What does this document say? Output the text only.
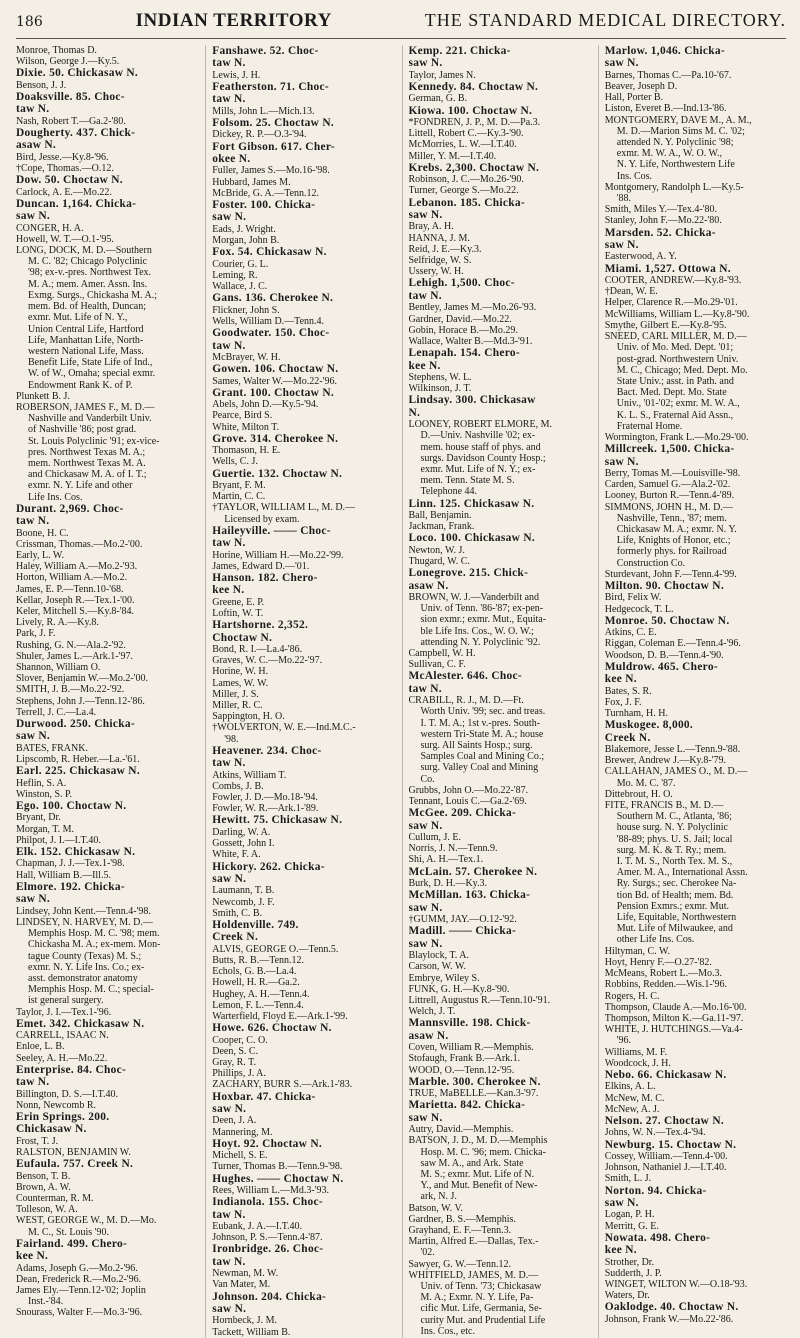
186	INDIAN TERRITORY	THE STANDARD MEDICAL DIRECTORY.
Monroe, Thomas D.
Wilson, George J.—Ky.5.
Dixie. 50. Chickasaw N.
Benson, J. J.
Doaksville. 85. Choc-
taw N.
Nash, Robert T.—Ga.2-'80.
Dougherty. 437. Chick-
asaw N.
Bird, Jesse.—Ky.8-'96.
†Cope, Thomas.—O.12.
Dow. 50. Choctaw N.
Carlock, A. E.—Mo.22.
Duncan. 1,164. Chicka-
saw N.
CONGER, H. A.
Howell, W. T.—O.1-'95.
LONG, DOCK, M. D.—Southern
M. C. '82; Chicago Polyclinic
'98; ex-v.-pres. Northwest Tex.
M. A.; mem. Amer. Assn. Ins.
Exmg. Surgs., Chickasha M. A.;
mem. Bd. of Health, Duncan;
exmr. Mut. Life of N. Y.,
Union Central Life, Hartford
Life, Manhattan Life, North-
western National Life, Mass.
Benefit Life, State Life of Ind.,
W. of W., Omaha; special exmr.
Endowment Rank K. of P.
Plunkett B. J.
ROBERSON, JAMES F., M. D.—
Nashville and Vanderbilt Univ.
of Nashville '86; post grad.
St. Louis Polyclinic '91; ex-vice-
pres. Northwest Texas M. A.;
mem. Northwest Texas M. A.
and Chickasaw M. A. of I. T.;
exmr. N. Y. Life and other
Life Ins. Cos.
Durant. 2,969. Choc-
taw N.
Boone, H. C.
Crissman, Thomas.—Mo.2-'00.
Early, L. W.
Haley, William A.—Mo.2-'93.
Horton, William A.—Mo.2.
James, E. P.—Tenn.10-'68.
Kellar, Joseph R.—Tex.1-'00.
Keler, Mitchell S.—Ky.8-'84.
Lively, R. A.—Ky.8.
Park, J. F.
Rushing, G. N.—Ala.2-'92.
Shuler, James L.—Ark.1-'97.
Shannon, William O.
Slover, Benjamin W.—Mo.2-'00.
SMITH, J. B.—Mo.22-'92.
Stephens, John J.—Tenn.12-'86.
Terrell, J. C.—La.4.
Durwood. 250. Chicka-
saw N.
BATES, FRANK.
Lipscomb, R. Heber.—La.-'61.
Earl. 225. Chickasaw N.
Heflin, S. A.
Winston, S. P.
Ego. 100. Choctaw N.
Bryant, Dr.
Morgan, T. M.
Philpot, J. I.—I.T.40.
Elk. 152. Chickasaw N.
Chapman, J. J.—Tex.1-'98.
Hall, William B.—Ill.5.
Elmore. 192. Chicka-
saw N.
Lindsey, John Kent.—Tenn.4-'98.
LINDSEY, N. HARVEY, M. D.—
Memphis Hosp. M. C. '98; mem.
Chickasha M. A.; ex-mem. Mon-
tague County (Texas) M. S.;
exmr. N. Y. Life Ins. Co.; ex-
asst. demonstrator anatomy
Memphis Hosp. M. C.; special-
ist general surgery.
Taylor, J. I.—Tex.1-'96.
Emet. 342. Chickasaw N.
CARRELL, ISAAC N.
Enloe, L. B.
Seeley, A. H.—Mo.22.
Enterprise. 84. Choc-
taw N.
Billington, D. S.—I.T.40.
Nonn, Newcomb R.
Erin Springs. 200.
Chickasaw N.
Frost, T. J.
RALSTON, BENJAMIN W.
Eufaula. 757. Creek N.
Benson, T. B.
Brown, A. W.
Counterman, R. M.
Tolleson, W. A.
WEST, GEORGE W., M. D.—Mo.
M. C., St. Louis '90.
Fairland. 499. Chero-
kee N.
Adams, Joseph G.—Mo.2-'96.
Dean, Frederick R.—Mo.2-'96.
James Ely.—Tenn.12-'02; Joplin
Inst.-'84.
Snourass, Walter F.—Mo.3-'96.
Fanshawe. 52. Choc-
taw N.
Lewis, J. H.
Featherston. 71. Choc-
taw N.
Mills, John L.—Mich.13.
Folsom. 25. Choctaw N.
Dickey, R. P.—O.3-'94.
Fort Gibson. 617. Cher-
okee N.
Fuller, James S.—Mo.16-'98.
Hubbard, James M.
McBride, G. A.—Tenn.12.
Foster. 100. Chicka-
saw N.
Eads, J. Wright.
Morgan, John B.
Fox. 54. Chickasaw N.
Courier, G. L.
Leming, R.
Wallace, J. C.
Gans. 136. Cherokee N.
Flickner, John S.
Wells, William D.—Tenn.4.
Goodwater. 150. Choc-
taw N.
McBrayer, W. H.
Gowen. 106. Choctaw N.
Sames, Walter W.—Mo.22-'96.
Grant. 100. Choctaw N.
Abels, John D.—Ky.5-'94.
Pearce, Bird S.
White, Milton T.
Grove. 314. Cherokee N.
Thomason, H. E.
Wells, C. J.
Guertie. 132. Choctaw N.
Bryant, F. M.
Martin, C. C.
†TAYLOR, WILLIAM L., M. D.—
Licensed by exam.
Haileyville. —— Choc-
taw N.
Horine, William H.—Mo.22-'99.
James, Edward D.—'01.
Hanson. 182. Chero-
kee N.
Greene, E. P.
Loftin, W. T.
Hartshorne. 2,352.
Choctaw N.
Bond, R. I.—La.4-'86.
Graves, W. C.—Mo.22-'97.
Horine, W. H.
Lames, W. W.
Miller, J. S.
Miller, R. C.
Sappington, H. O.
†WOLVERTON, W. E.—Ind.M.C.-
'98.
Heavener. 234. Choc-
taw N.
Atkins, William T.
Combs, J. B.
Fowler, J. D.—Mo.18-'94.
Fowler, W. R.—Ark.1-'89.
Hewitt. 75. Chickasaw N.
Darling, W. A.
Gossett, John I.
White, F. A.
Hickory. 262. Chicka-
saw N.
Laumann, T. B.
Newcomb, J. F.
Smith, C. B.
Holdenville. 749.
Creek N.
ALVIS, GEORGE O.—Tenn.5.
Butts, R. B.—Tenn.12.
Echols, G. B.—La.4.
Howell, H. R.—Ga.2.
Hughey, A. H.—Tenn.4.
Lemon, F. L.—Tenn.4.
Warterfield, Floyd E.—Ark.1-'99.
Howe. 626. Choctaw N.
Cooper, C. O.
Deen, S. C.
Gray, R. T.
Phillips, J. A.
ZACHARY, BURR S.—Ark.1-'83.
Hoxbar. 47. Chicka-
saw N.
Deen, J. A.
Mannering, M.
Hoyt. 92. Choctaw N.
Michell, S. E.
Turner, Thomas B.—Tenn.9-'98.
Hughes. —— Choctaw N.
Rees, William L.—Md.3-'93.
Indianola. 155. Choc-
taw N.
Eubank, J. A.—I.T.40.
Johnson, P. S.—Tenn.4-'87.
Ironbridge. 26. Choc-
taw N.
Newman, M. W.
Van Mater, M.
Johnson. 204. Chicka-
saw N.
Hornbeck, J. M.
Tackett, William B.
Kemp. 221. Chicka-
saw N.
Taylor, James N.
Kennedy. 84. Choctaw N.
German, G. B.
Kiowa. 100. Choctaw N.
*FONDREN, J. P., M. D.—Pa.3.
Littell, Robert C.—Ky.3-'90.
McMorries, L. W.—I.T.40.
Miller, Y. M.—I.T.40.
Krebs. 2,300. Choctaw N.
Robinson, J. C.—Mo.26-'90.
Turner, George S.—Mo.22.
Lebanon. 185. Chicka-
saw N.
Bray, A. H.
HANNA, J. M.
Reid, J. E.—Ky.3.
Selfridge, W. S.
Ussery, W. H.
Lehigh. 1,500. Choc-
taw N.
Bentley, James M.—Mo.26-'93.
Gardner, David.—Mo.22.
Gobin, Horace B.—Mo.29.
Wallace, Walter B.—Md.3-'91.
Lenapah. 154. Chero-
kee N.
Stephens, W. L.
Wilkinson, J. T.
Lindsay. 300. Chickasaw
N.
LOONEY, ROBERT ELMORE, M.
D.—Univ. Nashville '02; ex-
mem. house staff of phys. and
surgs. Davidson County Hosp.;
exmr. Mut. Life of N. Y.; ex-
mem. Tenn. State M. S.
Telephone 44.
Linn. 125. Chickasaw N.
Ball, Benjamin.
Jackman, Frank.
Loco. 100. Chickasaw N.
Newton, W. J.
Thugard, W. C.
Lonegrove. 215. Chick-
asaw N.
BROWN, W. J.—Vanderbilt and
Univ. of Tenn. '86-'87; ex-pen-
sion exmr.; exmr. Mut., Equita-
ble Life Ins. Cos., W. O. W.;
attending N. Y. Polyclinic '92.
Campbell, W. H.
Sullivan, C. F.
McAlester. 646. Choc-
taw N.
CRABILL, R. J., M. D.—Ft.
Worth Univ. '99; sec. and treas.
I. T. M. A.; 1st v.-pres. South-
western Tri-State M. A.; house
surg. All Saints Hosp.; surg.
Samples Coal and Mining Co.;
surg. Valley Coal and Mining
Co.
Grubbs, John O.—Mo.22-'87.
Tennant, Louis C.—Ga.2-'69.
McGee. 209. Chicka-
saw N.
Cullum, J. E.
Norris, J. N.—Tenn.9.
Shi, A. H.—Tex.1.
McLain. 57. Cherokee N.
Burk, D. H.—Ky.3.
McMillan. 163. Chicka-
saw N.
†GUMM, JAY.—O.12-'92.
Madill. —— Chicka-
saw N.
Blaylock, T. A.
Carson, W. W.
Embrye, Wiley S.
FUNK, G. H.—Ky.8-'90.
Littrell, Augustus R.—Tenn.10-'91.
Welch, J. T.
Mannsville. 198. Chick-
asaw N.
Coven, William R.—Memphis.
Stofaugh, Frank B.—Ark.1.
WOOD, O.—Tenn.12-'95.
Marble. 300. Cherokee N.
TRUE, MaBELLE.—Kan.3-'97.
Marietta. 842. Chicka-
saw N.
Autry, David.—Memphis.
BATSON, J. D., M. D.—Memphis
Hosp. M. C. '96; mem. Chicka-
saw M. A., and Ark. State
M. S.; exmr. Mut. Life of N.
Y., and Mut. Benefit of New-
ark, N. J.
Batson, W. V.
Gardner, B. S.—Memphis.
Grayhand, E. F.—Tenn.3.
Martin, Alfred E.—Dallas, Tex.-
'02.
Sawyer, G. W.—Tenn.12.
WHITFIELD, JAMES, M. D.—
Univ. of Tenn. '73; Chickasaw
M. A.; Exmr. N. Y. Life, Pa-
cific Mut. Life, Germania, Se-
curity Mut. and Prudential Life
Ins. Cos., etc.
Marlow. 1,046. Chicka-
saw N.
Barnes, Thomas C.—Pa.10-'67.
Beaver, Joseph D.
Hall, Porter B.
Liston, Everet B.—Ind.13-'86.
MONTGOMERY, DAVE M., A. M.,
M. D.—Marion Sims M. C. '02;
attended N. Y. Polyclinic '98;
exmr. M. W. A., W. O. W.,
N. Y. Life, Northwestern Life
Ins. Cos.
Montgomery, Randolph L.—Ky.5-
'88.
Smith, Miles Y.—Tex.4-'80.
Stanley, John F.—Mo.22-'80.
Marsden. 52. Chicka-
saw N.
Easterwood, A. Y.
Miami. 1,527. Ottowa N.
COOTER, ANDREW.—Ky.8-'93.
†Dean, W. E.
Helper, Clarence R.—Mo.29-'01.
McWilliams, William L.—Ky.8-'90.
Smythe, Gilbert E.—Ky.8-'95.
SNEED, CARL MILLER, M. D.—
Univ. of Mo. Med. Dept. '01;
post-grad. Northwestern Univ.
M. C., Chicago; Med. Dept. Mo.
State Univ.; asst. in Path. and
Bact. Med. Dept. Mo. State
Univ., '01-'02; exmr. M. W. A.,
K. L. S., Fraternal Aid Assn.,
Fraternal Home.
Wormington, Frank L.—Mo.29-'00.
Millcreek. 1,500. Chicka-
saw N.
Berry, Tomas M.—Louisville-'98.
Carden, Samuel G.—Ala.2-'02.
Looney, Burton R.—Tenn.4-'89.
SIMMONS, JOHN H., M. D.—
Nashville, Tenn., '87; mem.
Chickasaw M. A.; exmr. N. Y.
Life, Knights of Honor, etc.;
formerly phys. for Railroad
Construction Co.
Sturdevant, John F.—Tenn.4-'99.
Milton. 90. Choctaw N.
Bird, Felix W.
Hedgecock, T. L.
Monroe. 50. Choctaw N.
Atkins, C. E.
Riggan, Coleman E.—Tenn.4-'96.
Woodson, D. B.—Tenn.4-'90.
Muldrow. 465. Chero-
kee N.
Bates, S. R.
Fox, J. F.
Turnham, H. H.
Muskogee. 8,000.
Creek N.
Blakemore, Jesse L.—Tenn.9-'88.
Brewer, Andrew J.—Ky.8-'79.
CALLAHAN, JAMES O., M. D.—
Mo. M. C. '87.
Dittebrout, H. O.
FITE, FRANCIS B., M. D.—
Southern M. C., Atlanta, '86;
house surg. N. Y. Polyclinic
'88-89; phys. U. S. Jail; local
surg. M. K. & T. Ry.; mem.
I. T. M. S., North Tex. M. S.,
Amer. M. A., International Assn.
Ry. Surgs.; sec. Cherokee Na-
tion Bd. of Health; mem. Bd.
Pension Exmrs.; exmr. Mut.
Life, Equitable, Northwestern
Mut. Life of Milwaukee, and
other Life Ins. Cos.
Hiltyman, C. W.
Hoyt, Henry F.—O.27-'82.
McMeans, Robert L.—Mo.3.
Robbins, Redden.—Wis.1-'96.
Rogers, H. C.
Thompson, Claude A.—Mo.16-'00.
Thompson, Milton K.—Ga.11-'97.
WHITE, J. HUTCHINGS.—Va.4-
'96.
Williams, M. F.
Woodcock, J. H.
Nebo. 66. Chickasaw N.
Elkins, A. L.
McNew, M. C.
McNew, A. J.
Nelson. 27. Choctaw N.
Johns, W. N.—Tex.4-'94.
Newburg. 15. Choctaw N.
Cossey, William.—Tenn.4-'00.
Johnson, Nathaniel J.—I.T.40.
Smith, L. J.
Norton. 94. Chicka-
saw N.
Logan, P. H.
Merritt, G. E.
Nowata. 498. Chero-
kee N.
Strother, Dr.
Sudderth, J. P.
WINGET, WILTON W.—O.18-'93.
Waters, Dr.
Oaklodge. 40. Choctaw N.
Johnson, Frank W.—Mo.22-'86.
